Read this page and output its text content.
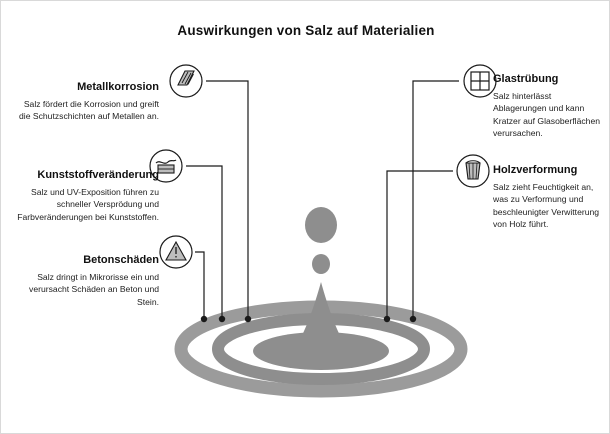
Auswirkungen von Salz auf Materialien

Metallkorrosion

Salz fördert die Korrosion und greift die Schutzschichten auf Metallen an.

Kunststoffveränderung

Salz und UV-Exposition führen zu schneller Versprödung und Farbveränderungen bei Kunststoffen.

Betonschäden

Salz dringt in Mikrorisse ein und verursacht Schäden an Beton und Stein.

Glastrübung

Salz hinterlässt Ablagerungen und kann Kratzer auf Glasoberflächen verursachen.

Holzverformung

Salz zieht Feuchtigkeit an, was zu Verformung und beschleunigter Verwitterung von Holz führt.
